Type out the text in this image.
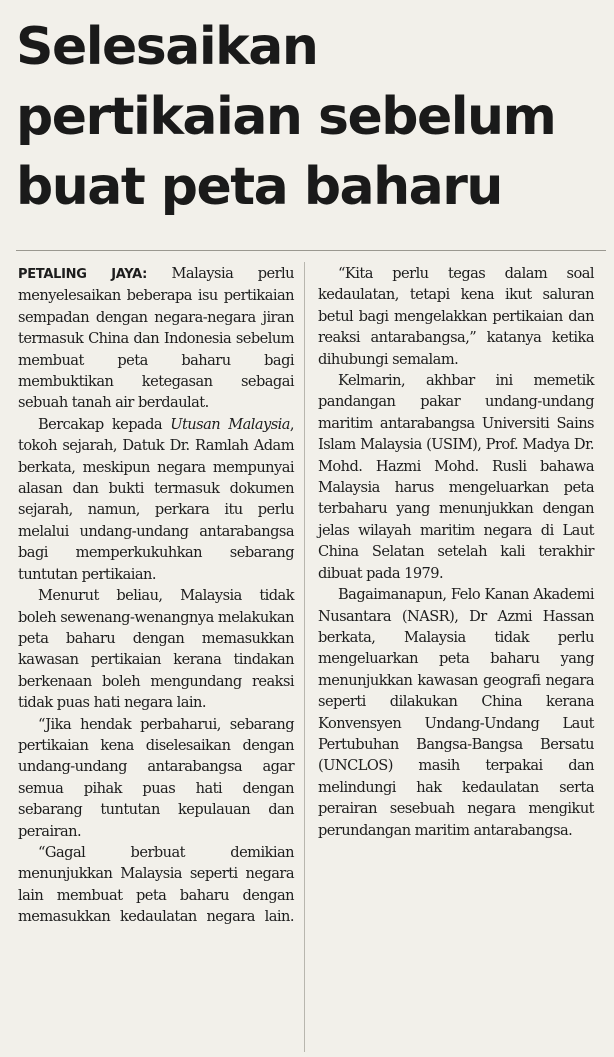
Selesaikan
pertikaian sebelum
buat peta baharu

PETALING JAYA: Malaysia perlu menyelesaikan beberapa isu pertikaian sempadan dengan negara-negara jiran termasuk China dan Indonesia sebelum membuat peta baharu bagi membuktikan ketegasan sebagai sebuah tanah air berdaulat.

Bercakap kepada Utusan Malaysia, tokoh sejarah, Datuk Dr. Ramlah Adam berkata, meskipun negara mempunyai alasan dan bukti termasuk dokumen sejarah, namun, perkara itu perlu melalui undang-undang antarabangsa bagi memperkukuhkan sebarang tuntutan pertikaian.

Menurut beliau, Malaysia tidak boleh sewenang-wenangnya melakukan peta baharu dengan memasukkan kawasan pertikaian kerana tindakan berkenaan boleh mengundang reaksi tidak puas hati negara lain.

“Jika hendak perbaharui, sebarang pertikaian kena diselesaikan dengan undang-undang antarabangsa agar semua pihak puas hati dengan sebarang tuntutan kepulauan dan perairan.

“Gagal berbuat demikian menunjukkan Malaysia seperti negara lain membuat peta baharu dengan memasukkan kedaulatan negara lain.

“Kita perlu tegas dalam soal kedaulatan, tetapi kena ikut saluran betul bagi mengelakkan pertikaian dan reaksi antarabangsa,” katanya ketika dihubungi semalam.

Kelmarin, akhbar ini memetik pandangan pakar undang-undang maritim antarabangsa Universiti Sains Islam Malaysia (USIM), Prof. Madya Dr. Mohd. Hazmi Mohd. Rusli bahawa Malaysia harus mengeluarkan peta terbaharu yang menunjukkan dengan jelas wilayah maritim negara di Laut China Selatan setelah kali terakhir dibuat pada 1979.

Bagaimanapun, Felo Kanan Akademi Nusantara (NASR), Dr Azmi Hassan berkata, Malaysia tidak perlu mengeluarkan peta baharu yang menunjukkan kawasan geografi negara seperti dilakukan China kerana Konvensyen Undang-Undang Laut Pertubuhan Bangsa-Bangsa Bersatu (UNCLOS) masih terpakai dan melindungi hak kedaulatan serta perairan sesebuah negara mengikut perundangan maritim antarabangsa.
